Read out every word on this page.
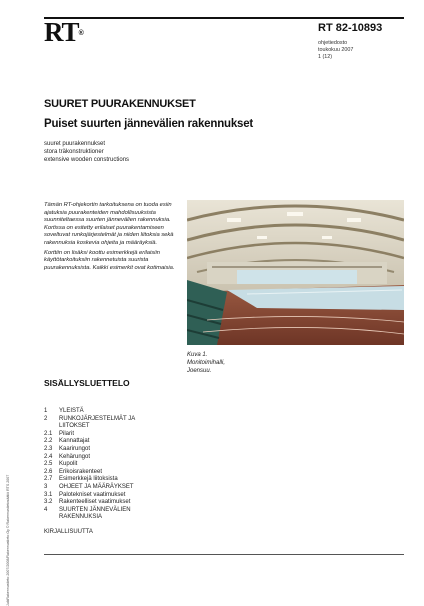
RT®	RT 82-10893
ohjetiedosto
toukokuu 2007
1 (12)
SUURET PUURAKENNUKSET
Puiset suurten jännevälien rakennukset
suuret puurakennukset
stora träkonstruktioner
extensive wooden constructions

Tämän RT-ohjekortin tarkoituksena on tuoda esiin ajatuksia puurakenteiden mahdollisuuksista suunniteltaessa suurten jännevälien rakennuksia. Kortissa on esitetty erilaiset puurakentamiseen soveltuvat runkojärjestelmät ja niiden liitoksia sekä rakennuksia koskevia ohjeita ja määräyksiä.

Korttiin on lisäksi koottu esimerkkejä erilaisiin käyttötarkoituksiin rakennetuista suurista puurakennuksista. Kaikki esimerkit ovat kotimaisia.

Kuva 1.
Monitoimihalli,
Joensuu.
SISÄLLYSLUETTELO
1	YLEISTÄ
2	RUNKOJÄRJESTELMÄT JA
LIITOKSET
2.1	Pilarit
2.2	Kannattajat
2.3	Kaarirungot
2.4	Kehärungot
2.5	Kupolit
2.6	Erikoisrakenteet
2.7	Esimerkkejä liitoksista
3	OHJEET JA MÄÄRÄYKSET
3.1	Palotekniset vaatimukset
3.2	Rakenteelliset vaatimukset
4	SUURTEN JÄNNEVÄLIEN
RAKENNUKSIA
KIRJALLISUUTTA
JulkRakennustieto 2007/2008/Rakennustieto Oy © Rakennustietosäätiö RTS 2007
